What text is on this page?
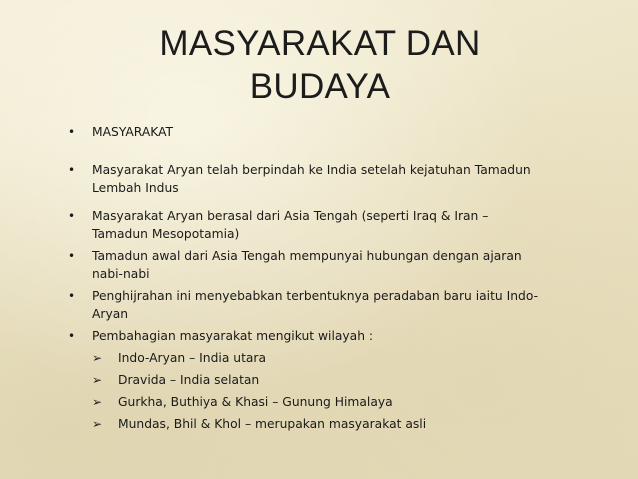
MASYARAKAT DAN
BUDAYA
• MASYARAKAT
• Masyarakat Aryan telah berpindah ke India setelah kejatuhan Tamadun Lembah Indus
• Masyarakat Aryan berasal dari Asia Tengah (seperti Iraq & Iran – Tamadun Mesopotamia)
• Tamadun awal dari Asia Tengah mempunyai hubungan dengan ajaran nabi-nabi
• Penghijrahan ini menyebabkan terbentuknya peradaban baru iaitu Indo-Aryan
• Pembahagian masyarakat mengikut wilayah :
➢ Indo-Aryan – India utara
➢ Dravida – India selatan
➢ Gurkha, Buthiya & Khasi – Gunung Himalaya
➢ Mundas, Bhil & Khol – merupakan masyarakat asli
